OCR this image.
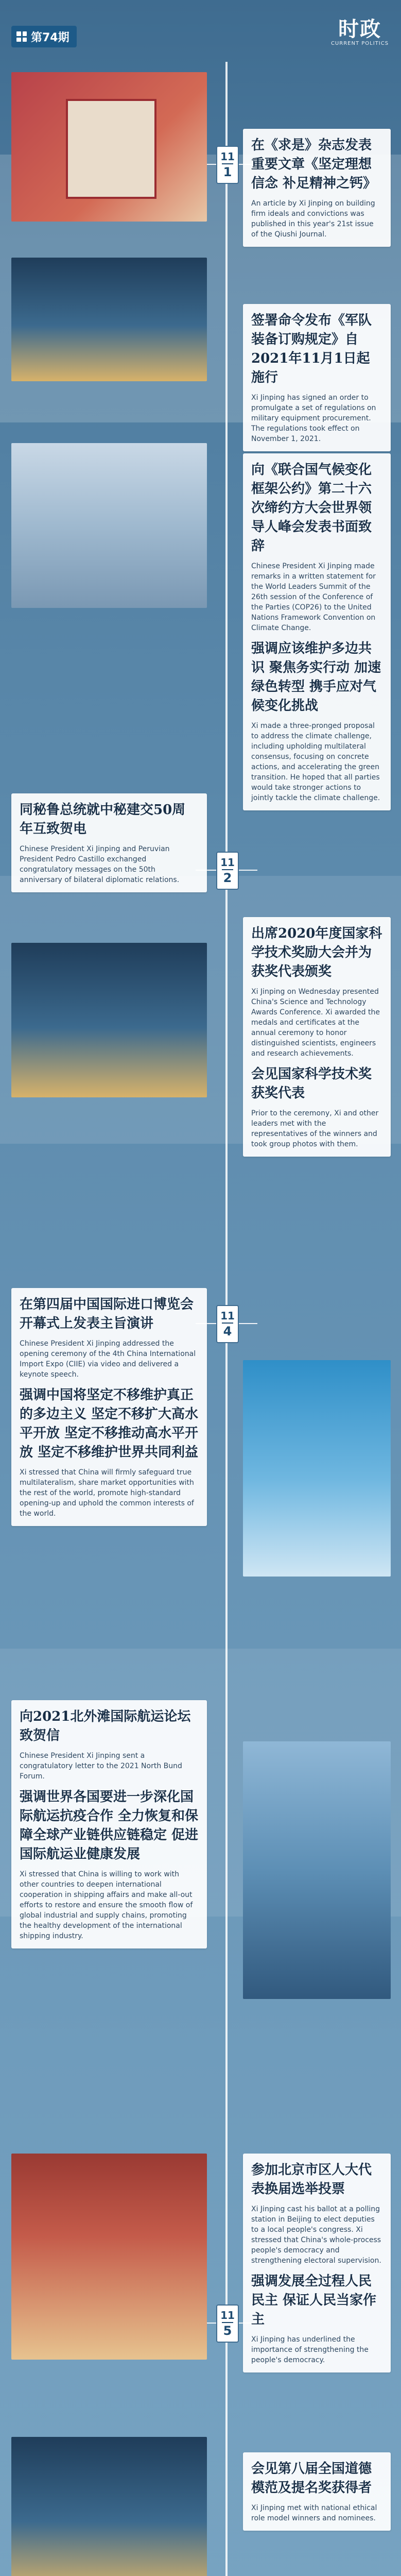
第74期	时政
CURRENT POLITICS
11
1
11
2
11
4
11
5

在《求是》杂志发表重要文章《坚定理想信念 补足精神之钙》

An article by Xi Jinping on building firm ideals and convictions was published in this year's 21st issue of the Qiushi Journal.

签署命令发布《军队装备订购规定》自2021年11月1日起施行

Xi Jinping has signed an order to promulgate a set of regulations on military equipment procurement. The regulations took effect on November 1, 2021.

向《联合国气候变化框架公约》第二十六次缔约方大会世界领导人峰会发表书面致辞

Chinese President Xi Jinping made remarks in a written statement for the World Leaders Summit of the 26th session of the Conference of the Parties (COP26) to the United Nations Framework Convention on Climate Change.

强调应该维护多边共识 聚焦务实行动 加速绿色转型 携手应对气候变化挑战

Xi made a three-pronged proposal to address the climate challenge, including upholding multilateral consensus, focusing on concrete actions, and accelerating the green transition. He hoped that all parties would take stronger actions to jointly tackle the climate challenge.

同秘鲁总统就中秘建交50周年互致贺电

Chinese President Xi Jinping and Peruvian President Pedro Castillo exchanged congratulatory messages on the 50th anniversary of bilateral diplomatic relations.

出席2020年度国家科学技术奖励大会并为获奖代表颁奖

Xi Jinping on Wednesday presented China's Science and Technology Awards Conference. Xi awarded the medals and certificates at the annual ceremony to honor distinguished scientists, engineers and research achievements.

会见国家科学技术奖获奖代表

Prior to the ceremony, Xi and other leaders met with the representatives of the winners and took group photos with them.

在第四届中国国际进口博览会开幕式上发表主旨演讲

Chinese President Xi Jinping addressed the opening ceremony of the 4th China International Import Expo (CIIE) via video and delivered a keynote speech.

强调中国将坚定不移维护真正的多边主义 坚定不移扩大高水平开放 坚定不移推动高水平开放 坚定不移维护世界共同利益

Xi stressed that China will firmly safeguard true multilateralism, share market opportunities with the rest of the world, promote high-standard opening-up and uphold the common interests of the world.

向2021北外滩国际航运论坛致贺信

Chinese President Xi Jinping sent a congratulatory letter to the 2021 North Bund Forum.

强调世界各国要进一步深化国际航运抗疫合作 全力恢复和保障全球产业链供应链稳定 促进国际航运业健康发展

Xi stressed that China is willing to work with other countries to deepen international cooperation in shipping affairs and make all-out efforts to restore and ensure the smooth flow of global industrial and supply chains, promoting the healthy development of the international shipping industry.

参加北京市区人大代表换届选举投票

Xi Jinping cast his ballot at a polling station in Beijing to elect deputies to a local people's congress. Xi stressed that China's whole-process people's democracy and strengthening electoral supervision.

强调发展全过程人民民主 保证人民当家作主

Xi Jinping has underlined the importance of strengthening the people's democracy.

会见第八届全国道德模范及提名奖获得者

Xi Jinping met with national ethical role model winners and nominees.
